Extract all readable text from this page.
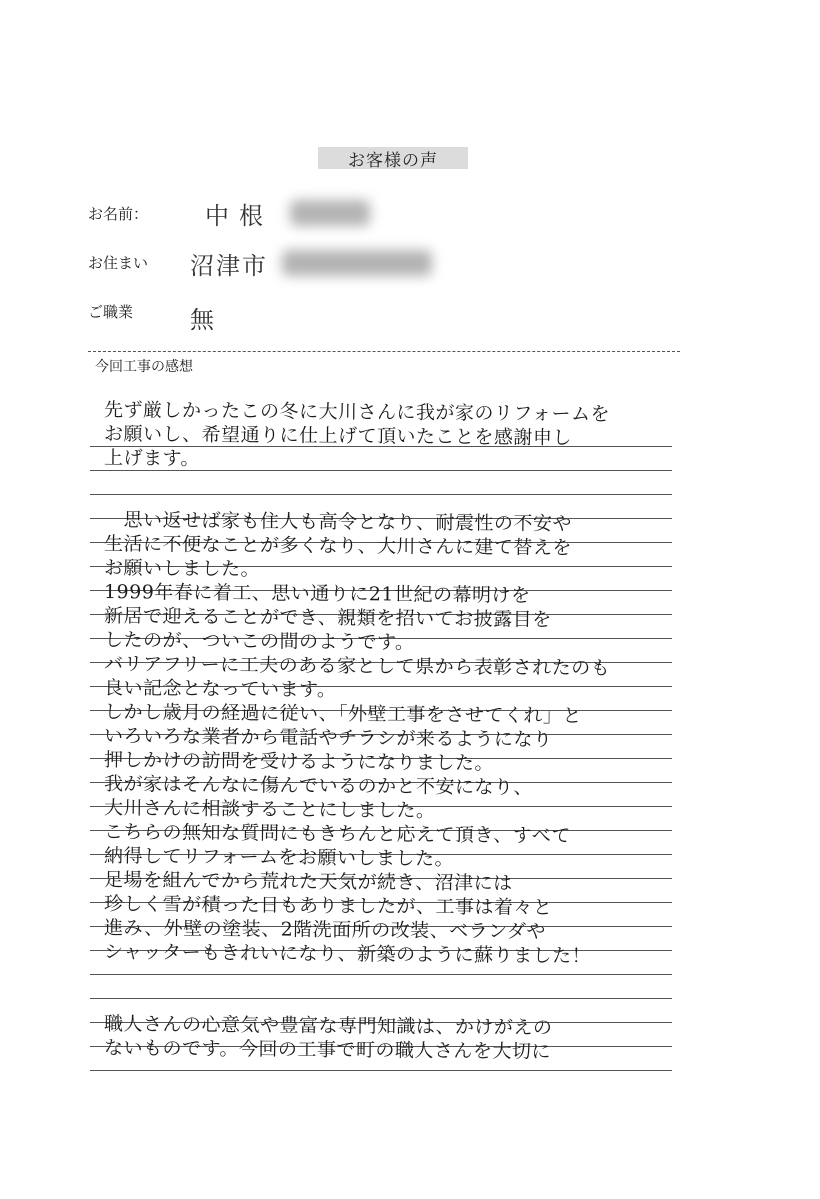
お客様の声
お名前： 中根
お住まい 沼津市
ご職業 無
今回工事の感想
先ず厳しかったこの冬に大川さんに我が家のリフォームを
お願いし、希望通りに仕上げて頂いたことを感謝申し
上げます。
　思い返せば家も住人も高令となり、耐震性の不安や
生活に不便なことが多くなり、大川さんに建て替えを
お願いしました。
1999年春に着工、思い通りに21世紀の幕明けを
新居で迎えることができ、親類を招いてお披露目を
したのが、ついこの間のようです。
バリアフリーに工夫のある家として県から表彰されたのも
良い記念となっています。
しかし歳月の経過に従い、「外壁工事をさせてくれ」と
いろいろな業者から電話やチラシが来るようになり
押しかけの訪問を受けるようになりました。
我が家はそんなに傷んでいるのかと不安になり、
大川さんに相談することにしました。
こちらの無知な質問にもきちんと応えて頂き、すべて
納得してリフォームをお願いしました。
足場を組んでから荒れた天気が続き、沼津には
珍しく雪が積った日もありましたが、工事は着々と
進み、外壁の塗装、2階洗面所の改装、ベランダや
シャッターもきれいになり、新築のように蘇りました！
職人さんの心意気や豊富な専門知識は、かけがえの
ないものです。今回の工事で町の職人さんを大切に
